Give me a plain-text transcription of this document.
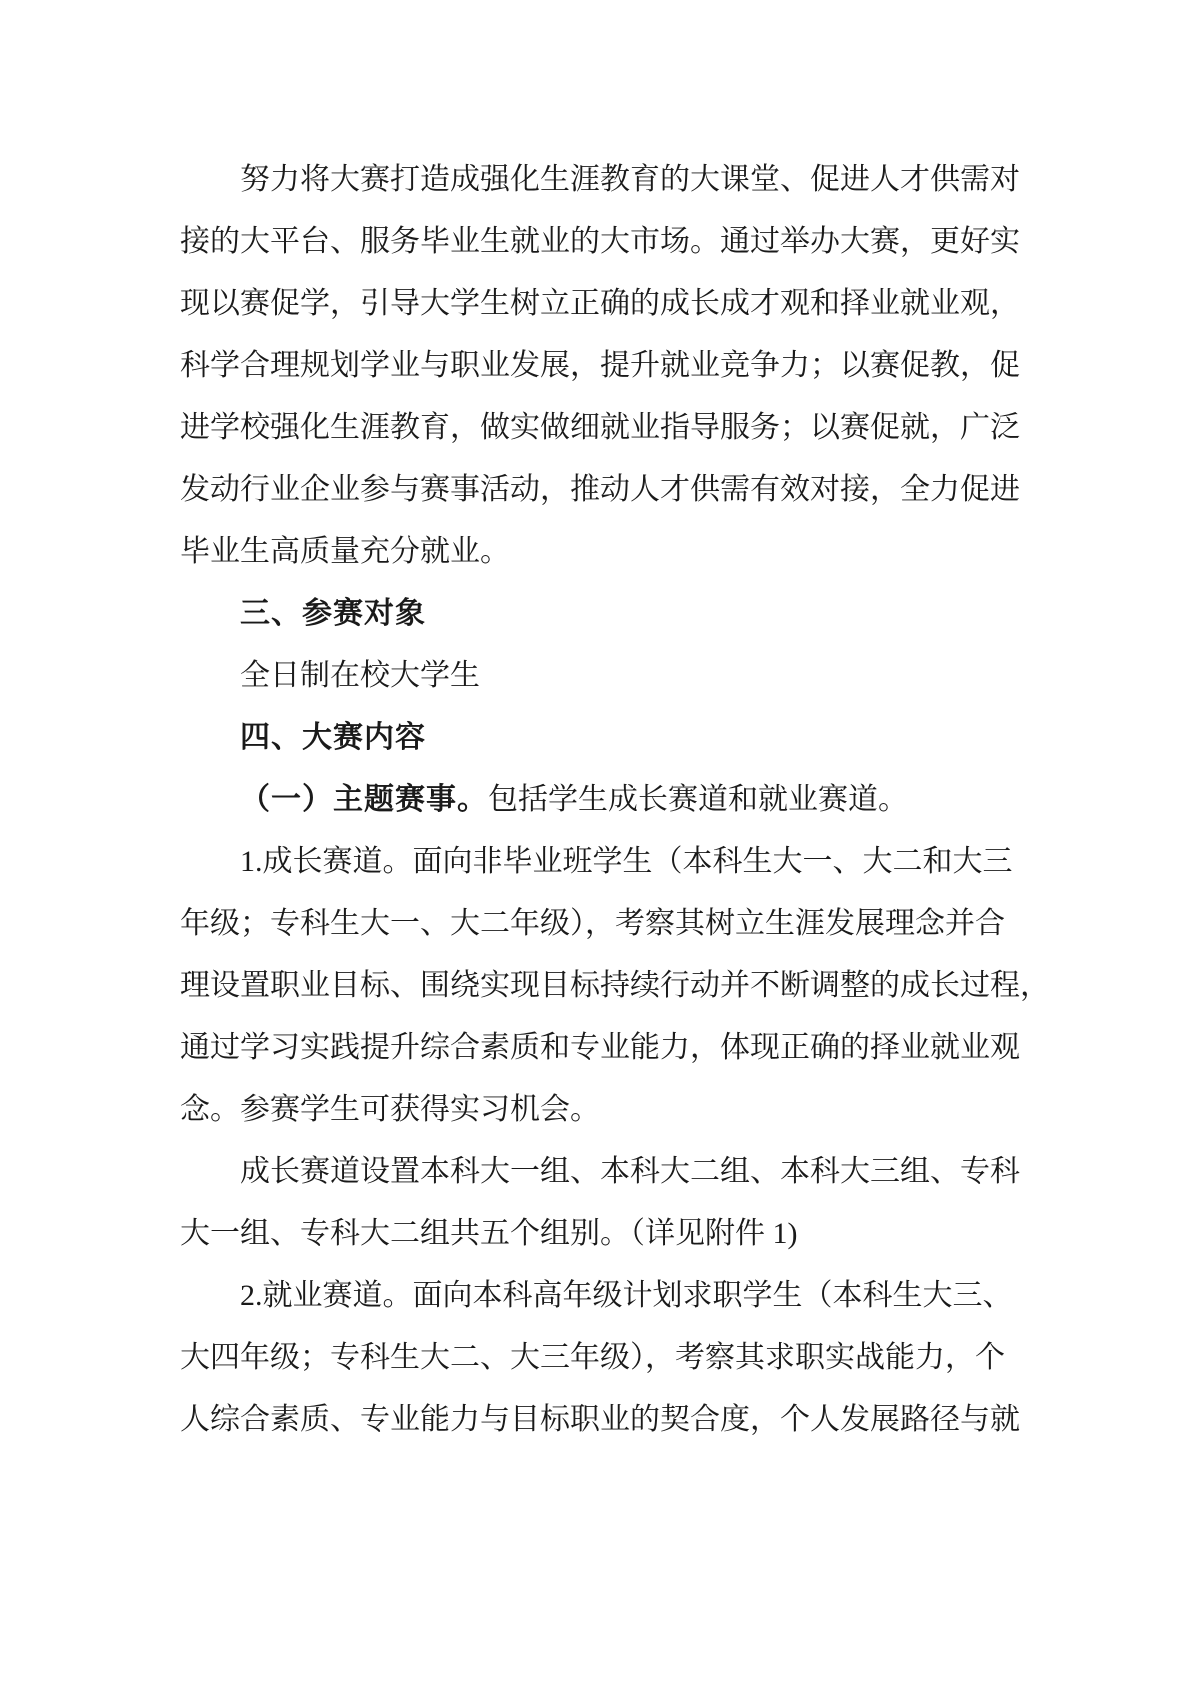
努力将大赛打造成强化生涯教育的大课堂、促进人才供需对
接的大平台、服务毕业生就业的大市场。通过举办大赛，更好实
现以赛促学，引导大学生树立正确的成长成才观和择业就业观，
科学合理规划学业与职业发展，提升就业竞争力；以赛促教，促
进学校强化生涯教育，做实做细就业指导服务；以赛促就，广泛
发动行业企业参与赛事活动，推动人才供需有效对接，全力促进
毕业生高质量充分就业。
三、参赛对象
全日制在校大学生
四、大赛内容
（一）主题赛事。包括学生成长赛道和就业赛道。
1.成长赛道。面向非毕业班学生（本科生大一、大二和大三
年级；专科生大一、大二年级），考察其树立生涯发展理念并合
理设置职业目标、围绕实现目标持续行动并不断调整的成长过程，
通过学习实践提升综合素质和专业能力，体现正确的择业就业观
念。参赛学生可获得实习机会。
成长赛道设置本科大一组、本科大二组、本科大三组、专科
大一组、专科大二组共五个组别。（详见附件 1)
2.就业赛道。面向本科高年级计划求职学生（本科生大三、
大四年级；专科生大二、大三年级），考察其求职实战能力，个
人综合素质、专业能力与目标职业的契合度，个人发展路径与就
